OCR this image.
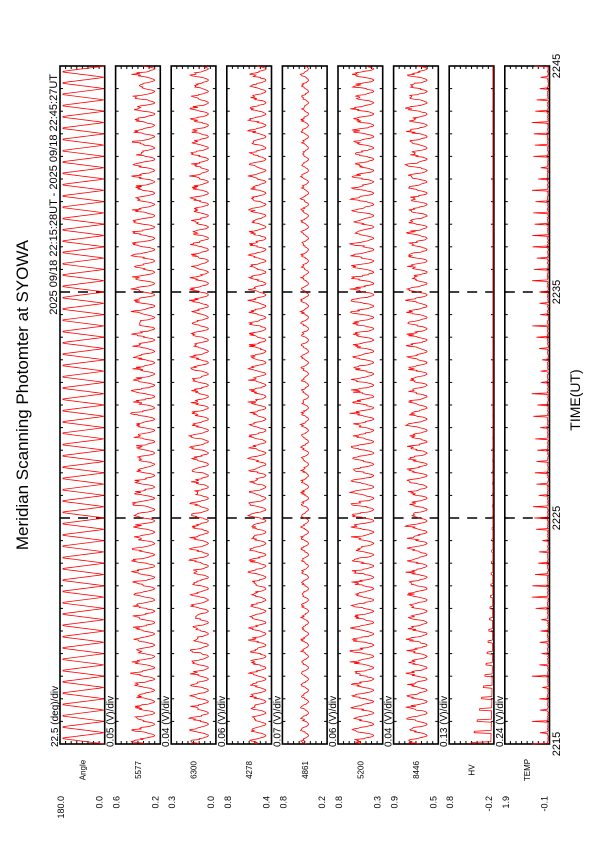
Meridian Scanning Photomter at SYOWA
2025 09/18 22:15:28UT - 2025 09/18 22:45:27UT
TIME(UT)
2215
2225
2235
2245
22.5 (deg)/div
180.0	0.0
Angle
0.05 (V)/div
0.6	0.2
5577
0.04 (V)/div
0.3	0.0
6300
0.06 (V)/div
0.8	0.4
4278
0.07 (V)/div
0.8	0.2
4861
0.06 (V)/div
0.8	0.3
5200
0.04 (V)/div
0.9	0.5
8446
0.13 (V)/div
0.8	-0.2
HV
0.24 (V)/div
1.9	-0.1
TEMP
